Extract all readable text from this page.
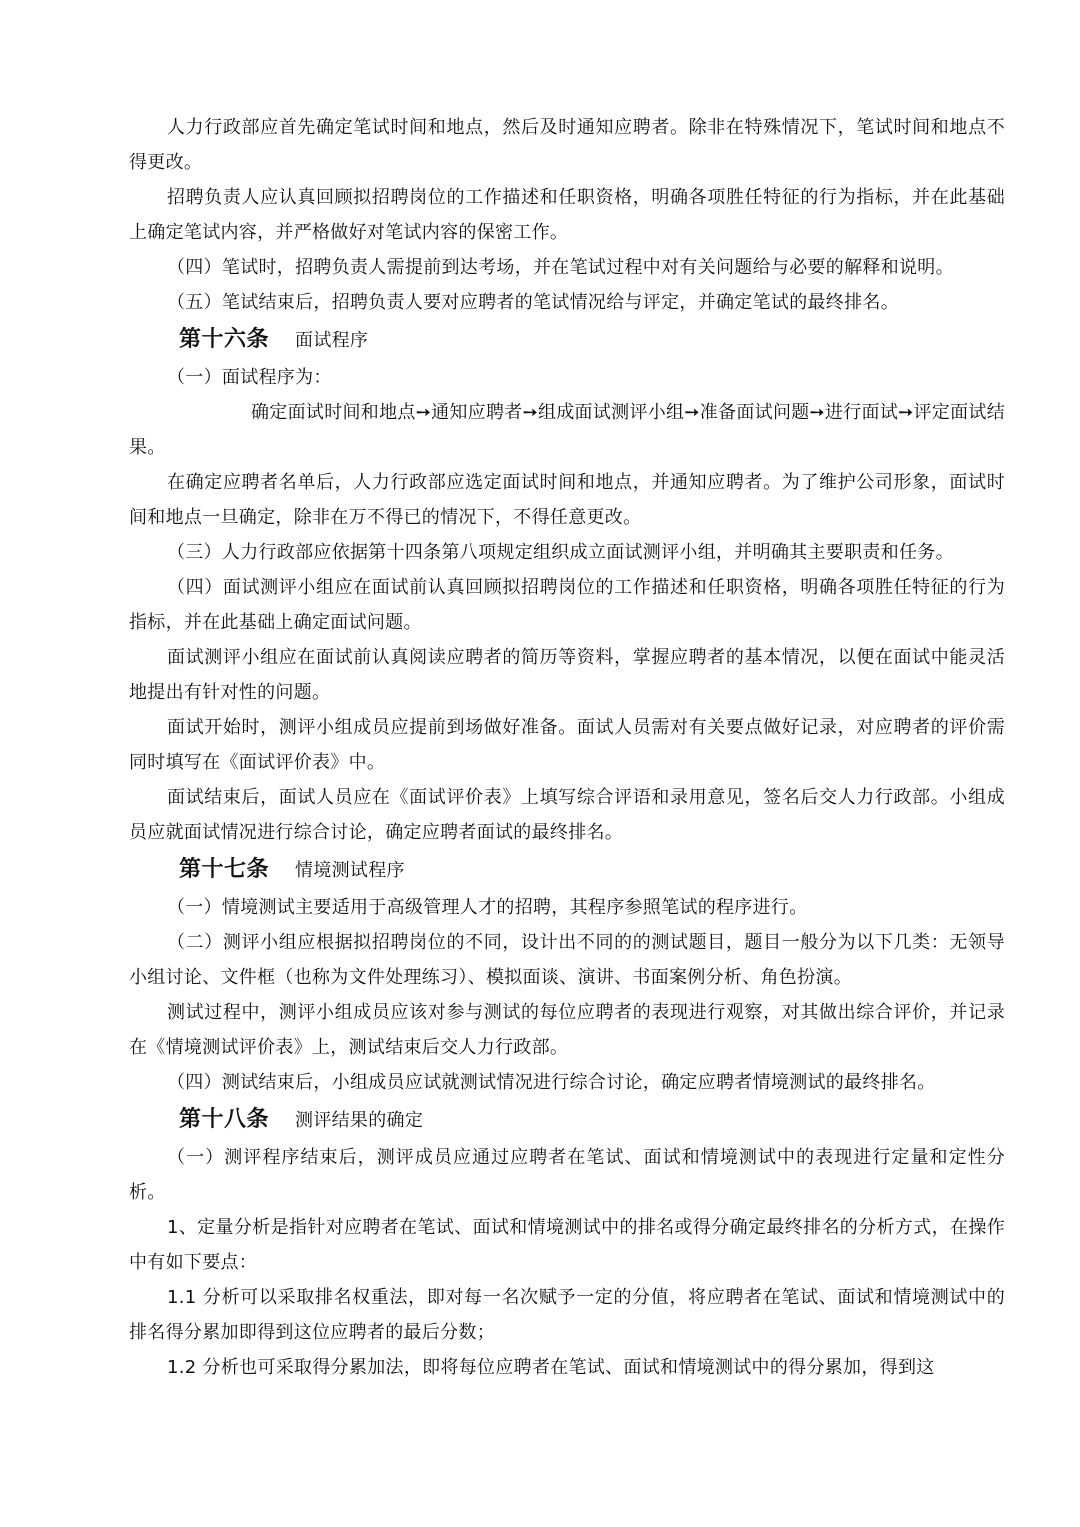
人力行政部应首先确定笔试时间和地点，然后及时通知应聘者。除非在特殊情况下，笔试时间和地点不得更改。

招聘负责人应认真回顾拟招聘岗位的工作描述和任职资格，明确各项胜任特征的行为指标，并在此基础上确定笔试内容，并严格做好对笔试内容的保密工作。

（四）笔试时，招聘负责人需提前到达考场，并在笔试过程中对有关问题给与必要的解释和说明。

（五）笔试结束后，招聘负责人要对应聘者的笔试情况给与评定，并确定笔试的最终排名。

第十六条 面试程序

（一）面试程序为：

确定面试时间和地点➙通知应聘者➙组成面试测评小组➙准备面试问题➙进行面试➙评定面试结果。

在确定应聘者名单后，人力行政部应选定面试时间和地点，并通知应聘者。为了维护公司形象，面试时间和地点一旦确定，除非在万不得已的情况下，不得任意更改。

（三）人力行政部应依据第十四条第八项规定组织成立面试测评小组，并明确其主要职责和任务。

（四）面试测评小组应在面试前认真回顾拟招聘岗位的工作描述和任职资格，明确各项胜任特征的行为指标，并在此基础上确定面试问题。

面试测评小组应在面试前认真阅读应聘者的简历等资料，掌握应聘者的基本情况，以便在面试中能灵活地提出有针对性的问题。

面试开始时，测评小组成员应提前到场做好准备。面试人员需对有关要点做好记录，对应聘者的评价需同时填写在《面试评价表》中。

面试结束后，面试人员应在《面试评价表》上填写综合评语和录用意见，签名后交人力行政部。小组成员应就面试情况进行综合讨论，确定应聘者面试的最终排名。

第十七条 情境测试程序

（一）情境测试主要适用于高级管理人才的招聘，其程序参照笔试的程序进行。

（二）测评小组应根据拟招聘岗位的不同，设计出不同的的测试题目，题目一般分为以下几类：无领导小组讨论、文件框（也称为文件处理练习）、模拟面谈、演讲、书面案例分析、角色扮演。

测试过程中，测评小组成员应该对参与测试的每位应聘者的表现进行观察，对其做出综合评价，并记录在《情境测试评价表》上，测试结束后交人力行政部。

（四）测试结束后，小组成员应试就测试情况进行综合讨论，确定应聘者情境测试的最终排名。

第十八条 测评结果的确定

（一）测评程序结束后，测评成员应通过应聘者在笔试、面试和情境测试中的表现进行定量和定性分析。

1、定量分析是指针对应聘者在笔试、面试和情境测试中的排名或得分确定最终排名的分析方式，在操作中有如下要点：

1.1 分析可以采取排名权重法，即对每一名次赋予一定的分值，将应聘者在笔试、面试和情境测试中的排名得分累加即得到这位应聘者的最后分数；

1.2 分析也可采取得分累加法，即将每位应聘者在笔试、面试和情境测试中的得分累加，得到这
